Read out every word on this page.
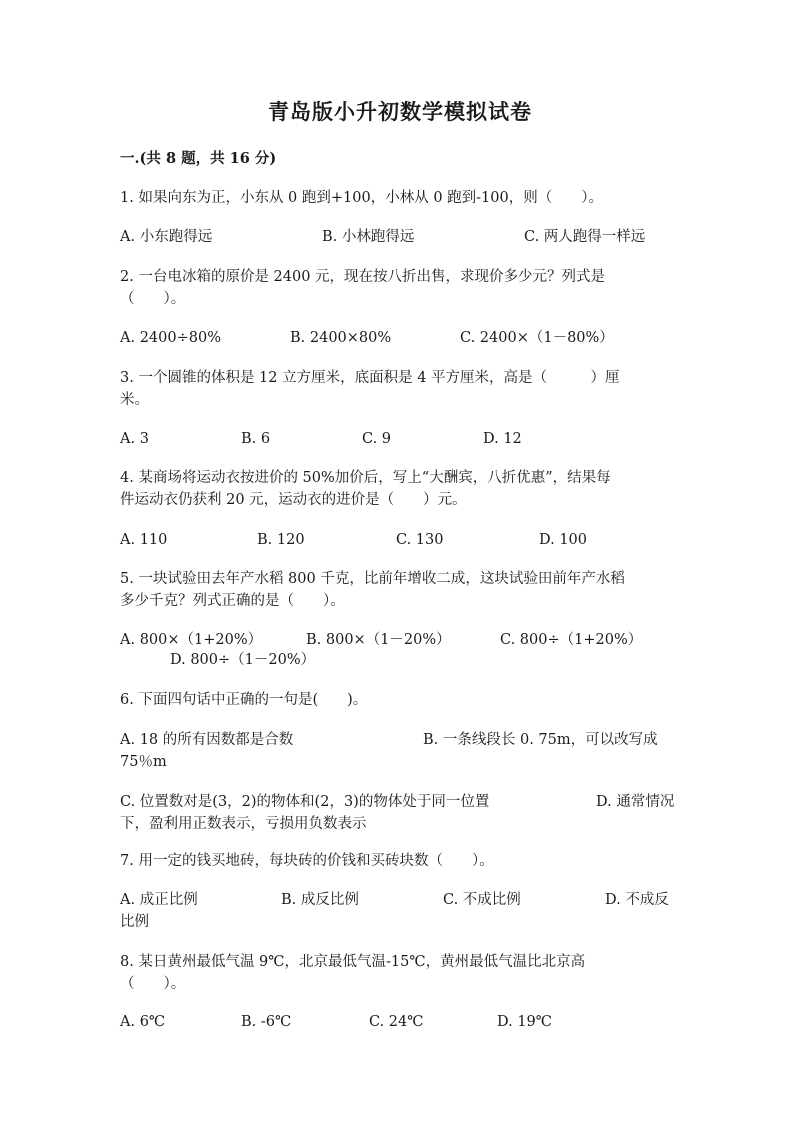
青岛版小升初数学模拟试卷
一.(共 8 题，共 16 分)
1. 如果向东为正，小东从 0 跑到+100，小林从 0 跑到-100，则（　　）。
A. 小东跑得远	B. 小林跑得远	C. 两人跑得一样远
2. 一台电冰箱的原价是 2400 元，现在按八折出售，求现价多少元？列式是
（　　）。
A. 2400÷80%	B. 2400×80%	C. 2400×（1－80%）
3. 一个圆锥的体积是 12 立方厘米，底面积是 4 平方厘米，高是（　　　）厘
米。
A. 3	B. 6	C. 9	D. 12
4. 某商场将运动衣按进价的 50%加价后，写上“大酬宾，八折优惠”，结果每
件运动衣仍获利 20 元，运动衣的进价是（　　）元。
A. 110	B. 120	C. 130	D. 100
5. 一块试验田去年产水稻 800 千克，比前年增收二成，这块试验田前年产水稻
多少千克？列式正确的是（　　）。
A. 800×（1+20%）	B. 800×（1－20%）	C. 800÷（1+20%）
D. 800÷（1－20%）
6. 下面四句话中正确的一句是(　　)。
A. 18 的所有因数都是合数	B. 一条线段长 0. 75m，可以改写成
75％m
C. 位置数对是(3，2)的物体和(2，3)的物体处于同一位置	D. 通常情况
下，盈利用正数表示，亏损用负数表示
7. 用一定的钱买地砖，每块砖的价钱和买砖块数（　　）。
A. 成正比例	B. 成反比例	C. 不成比例	D. 不成反
比例
8. 某日黄州最低气温 9℃，北京最低气温-15℃，黄州最低气温比北京高
（　　）。
A. 6℃	B. -6℃	C. 24℃	D. 19℃
